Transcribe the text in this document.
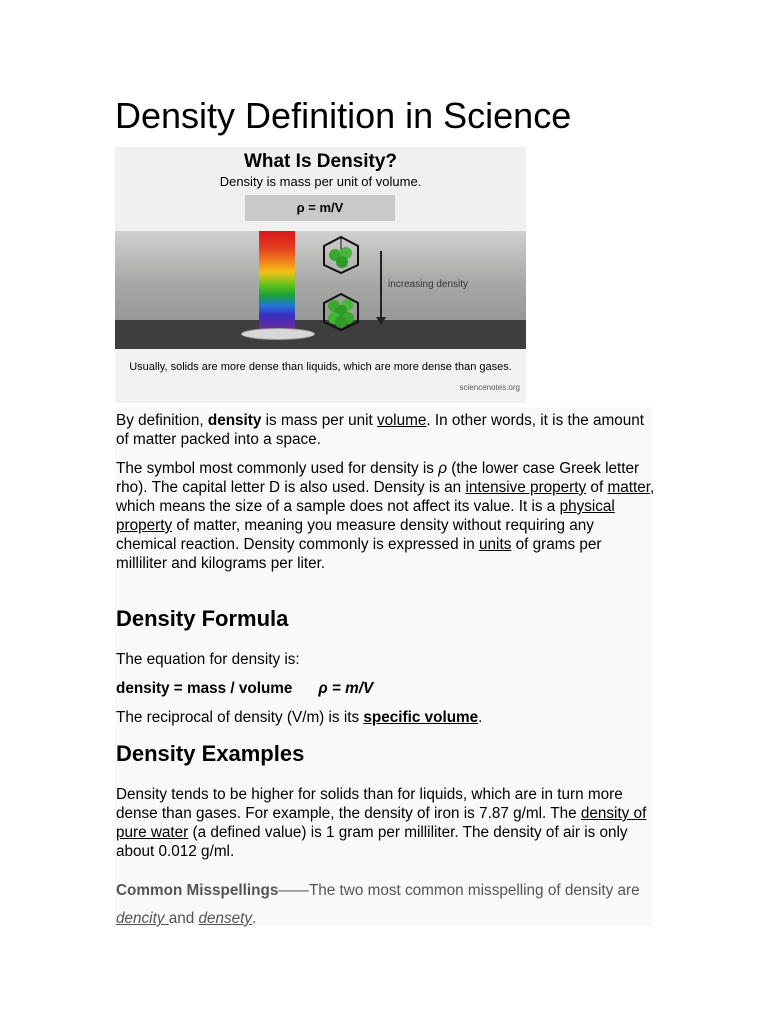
Density Definition in Science
What Is Density?
Density is mass per unit of volume.
ρ = m/V
increasing density
Usually, solids are more dense than liquids, which are more dense than gases.
sciencenotes.org

By definition, density is mass per unit volume. In other words, it is the amount of matter packed into a space.

The symbol most commonly used for density is ρ (the lower case Greek letter rho). The capital letter D is also used. Density is an intensive property of matter, which means the size of a sample does not affect its value. It is a physical property of matter, meaning you measure density without requiring any chemical reaction. Density commonly is expressed in units of grams per milliliter and kilograms per liter.

Density Formula

The equation for density is:

density = mass / volume ρ = m/V

The reciprocal of density (V/m) is its specific volume.

Density Examples

Density tends to be higher for solids than for liquids, which are in turn more dense than gases. For example, the density of iron is 7.87 g/ml. The density of pure water (a defined value) is 1 gram per milliliter. The density of air is only about 0.012 g/ml.

Common Misspellings——The two most common misspelling of density are dencity and densety.
